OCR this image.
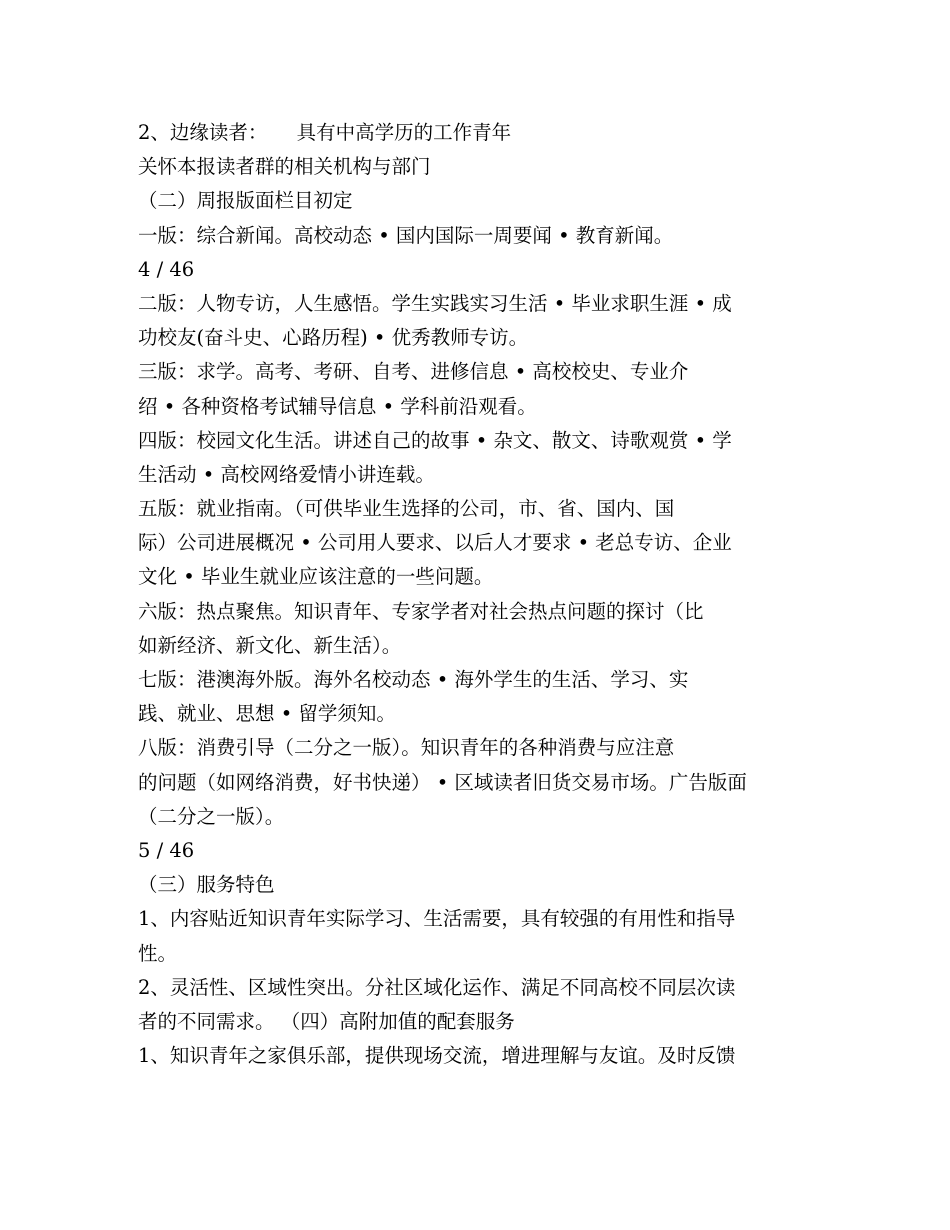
2、边缘读者：　　具有中高学历的工作青年
关怀本报读者群的相关机构与部门
（二）周报版面栏目初定
一版：综合新闻。高校动态 • 国内国际一周要闻 • 教育新闻。
4 / 46
二版：人物专访，人生感悟。学生实践实习生活 • 毕业求职生涯 • 成
功校友(奋斗史、心路历程) • 优秀教师专访。
三版：求学。高考、考研、自考、进修信息 • 高校校史、专业介
绍 • 各种资格考试辅导信息 • 学科前沿观看。
四版：校园文化生活。讲述自己的故事 • 杂文、散文、诗歌观赏 • 学
生活动 • 高校网络爱情小讲连载。
五版：就业指南。（可供毕业生选择的公司，市、省、国内、国
际）公司进展概况 • 公司用人要求、以后人才要求 • 老总专访、企业
文化 • 毕业生就业应该注意的一些问题。
六版：热点聚焦。知识青年、专家学者对社会热点问题的探讨（比
如新经济、新文化、新生活）。
七版：港澳海外版。海外名校动态 • 海外学生的生活、学习、实
践、就业、思想 • 留学须知。
八版：消费引导（二分之一版）。知识青年的各种消费与应注意
的问题（如网络消费，好书快递） • 区域读者旧货交易市场。广告版面
（二分之一版）。
5 / 46
（三）服务特色
1、内容贴近知识青年实际学习、生活需要，具有较强的有用性和指导
性。
2、灵活性、区域性突出。分社区域化运作、满足不同高校不同层次读
者的不同需求。 （四）高附加值的配套服务
1、知识青年之家俱乐部，提供现场交流，增进理解与友谊。及时反馈
